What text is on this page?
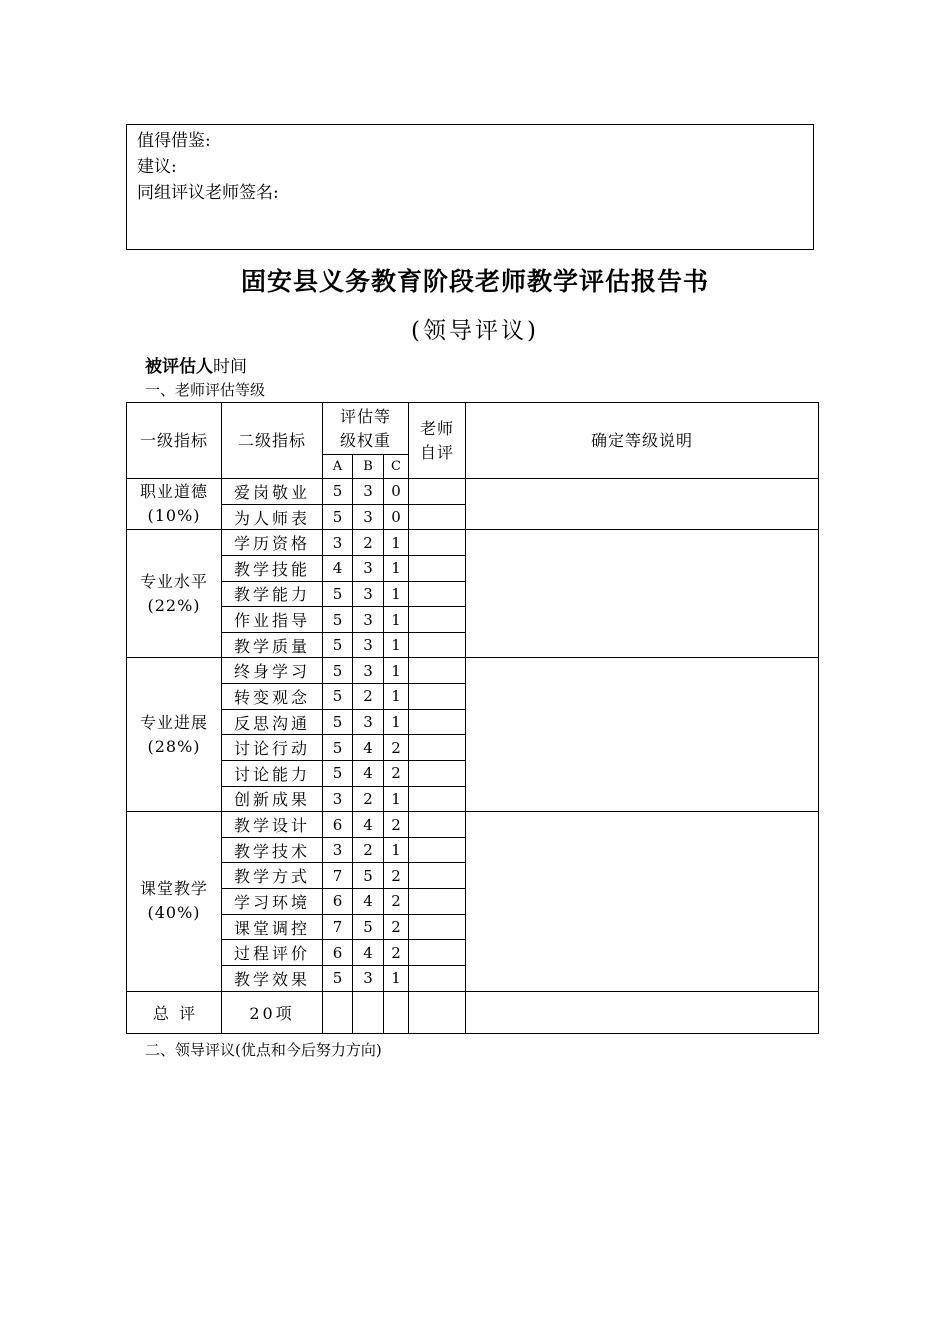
值得借鉴:
建议:
同组评议老师签名:
固安县义务教育阶段老师教学评估报告书
(领导评议)
被评估人时间
一、老师评估等级
一级指标	二级指标	评估等
级权重			老师
自评	确定等级说明
		A	B	C		
职业道德
(10%)	爱岗敬业	5	3	0		
	为人师表	5	3	0		
专业水平
(22%)	学历资格	3	2	1		
	教学技能	4	3	1		
	教学能力	5	3	1		
	作业指导	5	3	1		
	教学质量	5	3	1		
专业进展
(28%)	终身学习	5	3	1		
	转变观念	5	2	1		
	反思沟通	5	3	1		
	讨论行动	5	4	2		
	讨论能力	5	4	2		
	创新成果	3	2	1		
课堂教学
(40%)	教学设计	6	4	2		
	教学技术	3	2	1		
	教学方式	7	5	2		
	学习环境	6	4	2		
	课堂调控	7	5	2		
	过程评价	6	4	2		
	教学效果	5	3	1		
总  评	20项					
二、领导评议(优点和今后努力方向)
